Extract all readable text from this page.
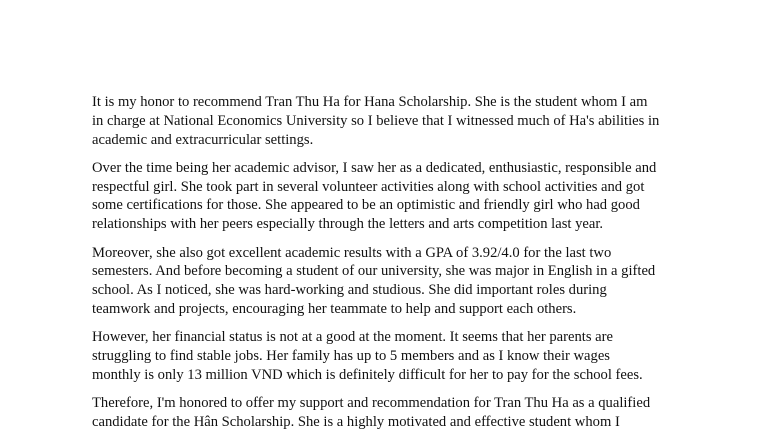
It is my honor to recommend Tran Thu Ha for Hana Scholarship. She is the student whom I am
in charge at National Economics University so I believe that I witnessed much of Ha's abilities in
academic and extracurricular settings.

Over the time being her academic advisor, I saw her as a dedicated, enthusiastic, responsible and
respectful girl. She took part in several volunteer activities along with school activities and got
some certifications for those. She appeared to be an optimistic and friendly girl who had good
relationships with her peers especially through the letters and arts competition last year.

Moreover, she also got excellent academic results with a GPA of 3.92/4.0 for the last two
semesters. And before becoming a student of our university, she was major in English in a gifted
school. As I noticed, she was hard-working and studious. She did important roles during
teamwork and projects, encouraging her teammate to help and support each others.

However, her financial status is not at a good at the moment. It seems that her parents are
struggling to find stable jobs. Her family has up to 5 members and as I know their wages
monthly is only 13 million VND which is definitely difficult for her to pay for the school fees.

Therefore, I'm honored to offer my support and recommendation for Tran Thu Ha as a qualified
candidate for the Hân Scholarship. She is a highly motivated and effective student whom I
